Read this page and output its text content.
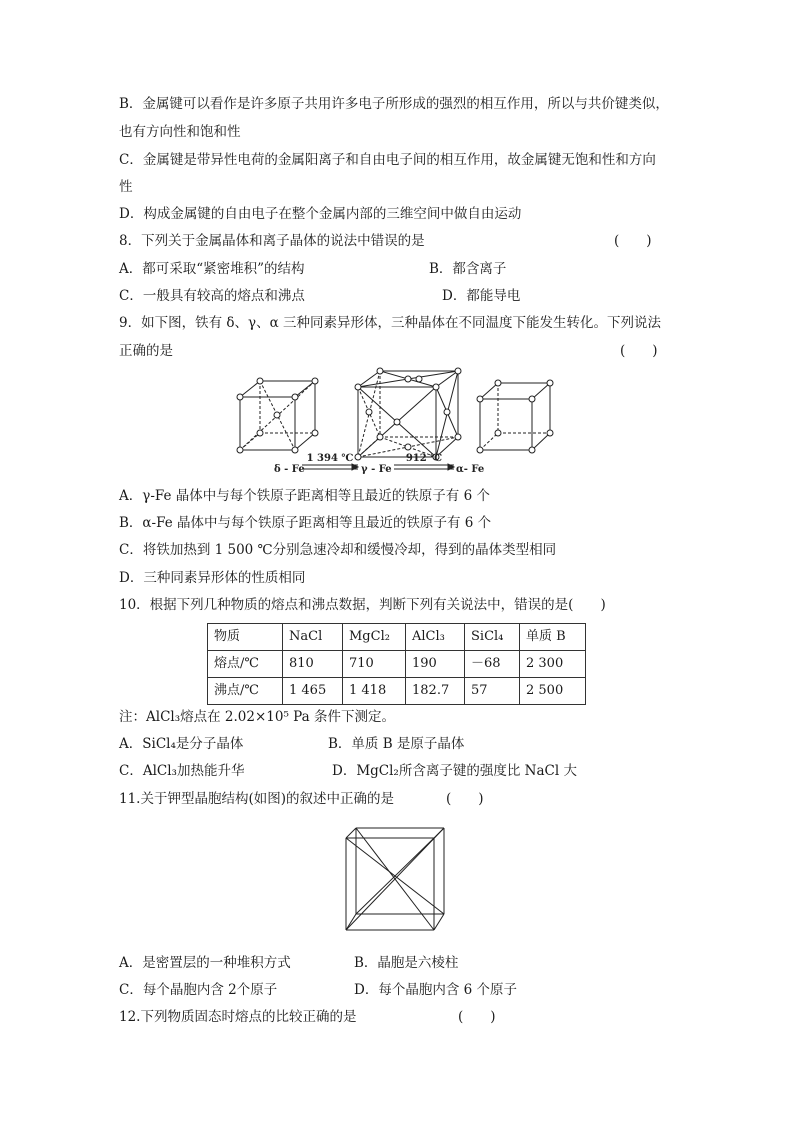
B．金属键可以看作是许多原子共用许多电子所形成的强烈的相互作用，所以与共价键类似，
也有方向性和饱和性
C．金属键是带异性电荷的金属阳离子和自由电子间的相互作用，故金属键无饱和性和方向
性
D．构成金属键的自由电子在整个金属内部的三维空间中做自由运动
8．下列关于金属晶体和离子晶体的说法中错误的是	(　　)
A．都可采取“紧密堆积”的结构	B．都含离子
C．一般具有较高的熔点和沸点	D．都能导电
9．如下图，铁有 δ、γ、α 三种同素异形体，三种晶体在不同温度下能发生转化。下列说法
正确的是	(　　)
δ - Fe
1 394 ℃
γ - Fe
912 ℃
α- Fe
A．γ-Fe 晶体中与每个铁原子距离相等且最近的铁原子有 6 个
B．α-Fe 晶体中与每个铁原子距离相等且最近的铁原子有 6 个
C．将铁加热到 1 500 ℃分别急速冷却和缓慢冷却，得到的晶体类型相同
D．三种同素异形体的性质相同
10．根据下列几种物质的熔点和沸点数据，判断下列有关说法中，错误的是(　　)
物质	NaCl	MgCl₂	AlCl₃	SiCl₄	单质 B
熔点/℃	810	710	190	－68	2 300
沸点/℃	1 465	1 418	182.7	57	2 500
注：AlCl₃熔点在 2.02×10⁵ Pa 条件下测定。
A．SiCl₄是分子晶体	B．单质 B 是原子晶体
C．AlCl₃加热能升华	D．MgCl₂所含离子键的强度比 NaCl 大
11.关于钾型晶胞结构(如图)的叙述中正确的是	(　　)
A．是密置层的一种堆积方式	B．晶胞是六棱柱
C．每个晶胞内含 2个原子	D．每个晶胞内含 6 个原子
12.下列物质固态时熔点的比较正确的是	(　　)
